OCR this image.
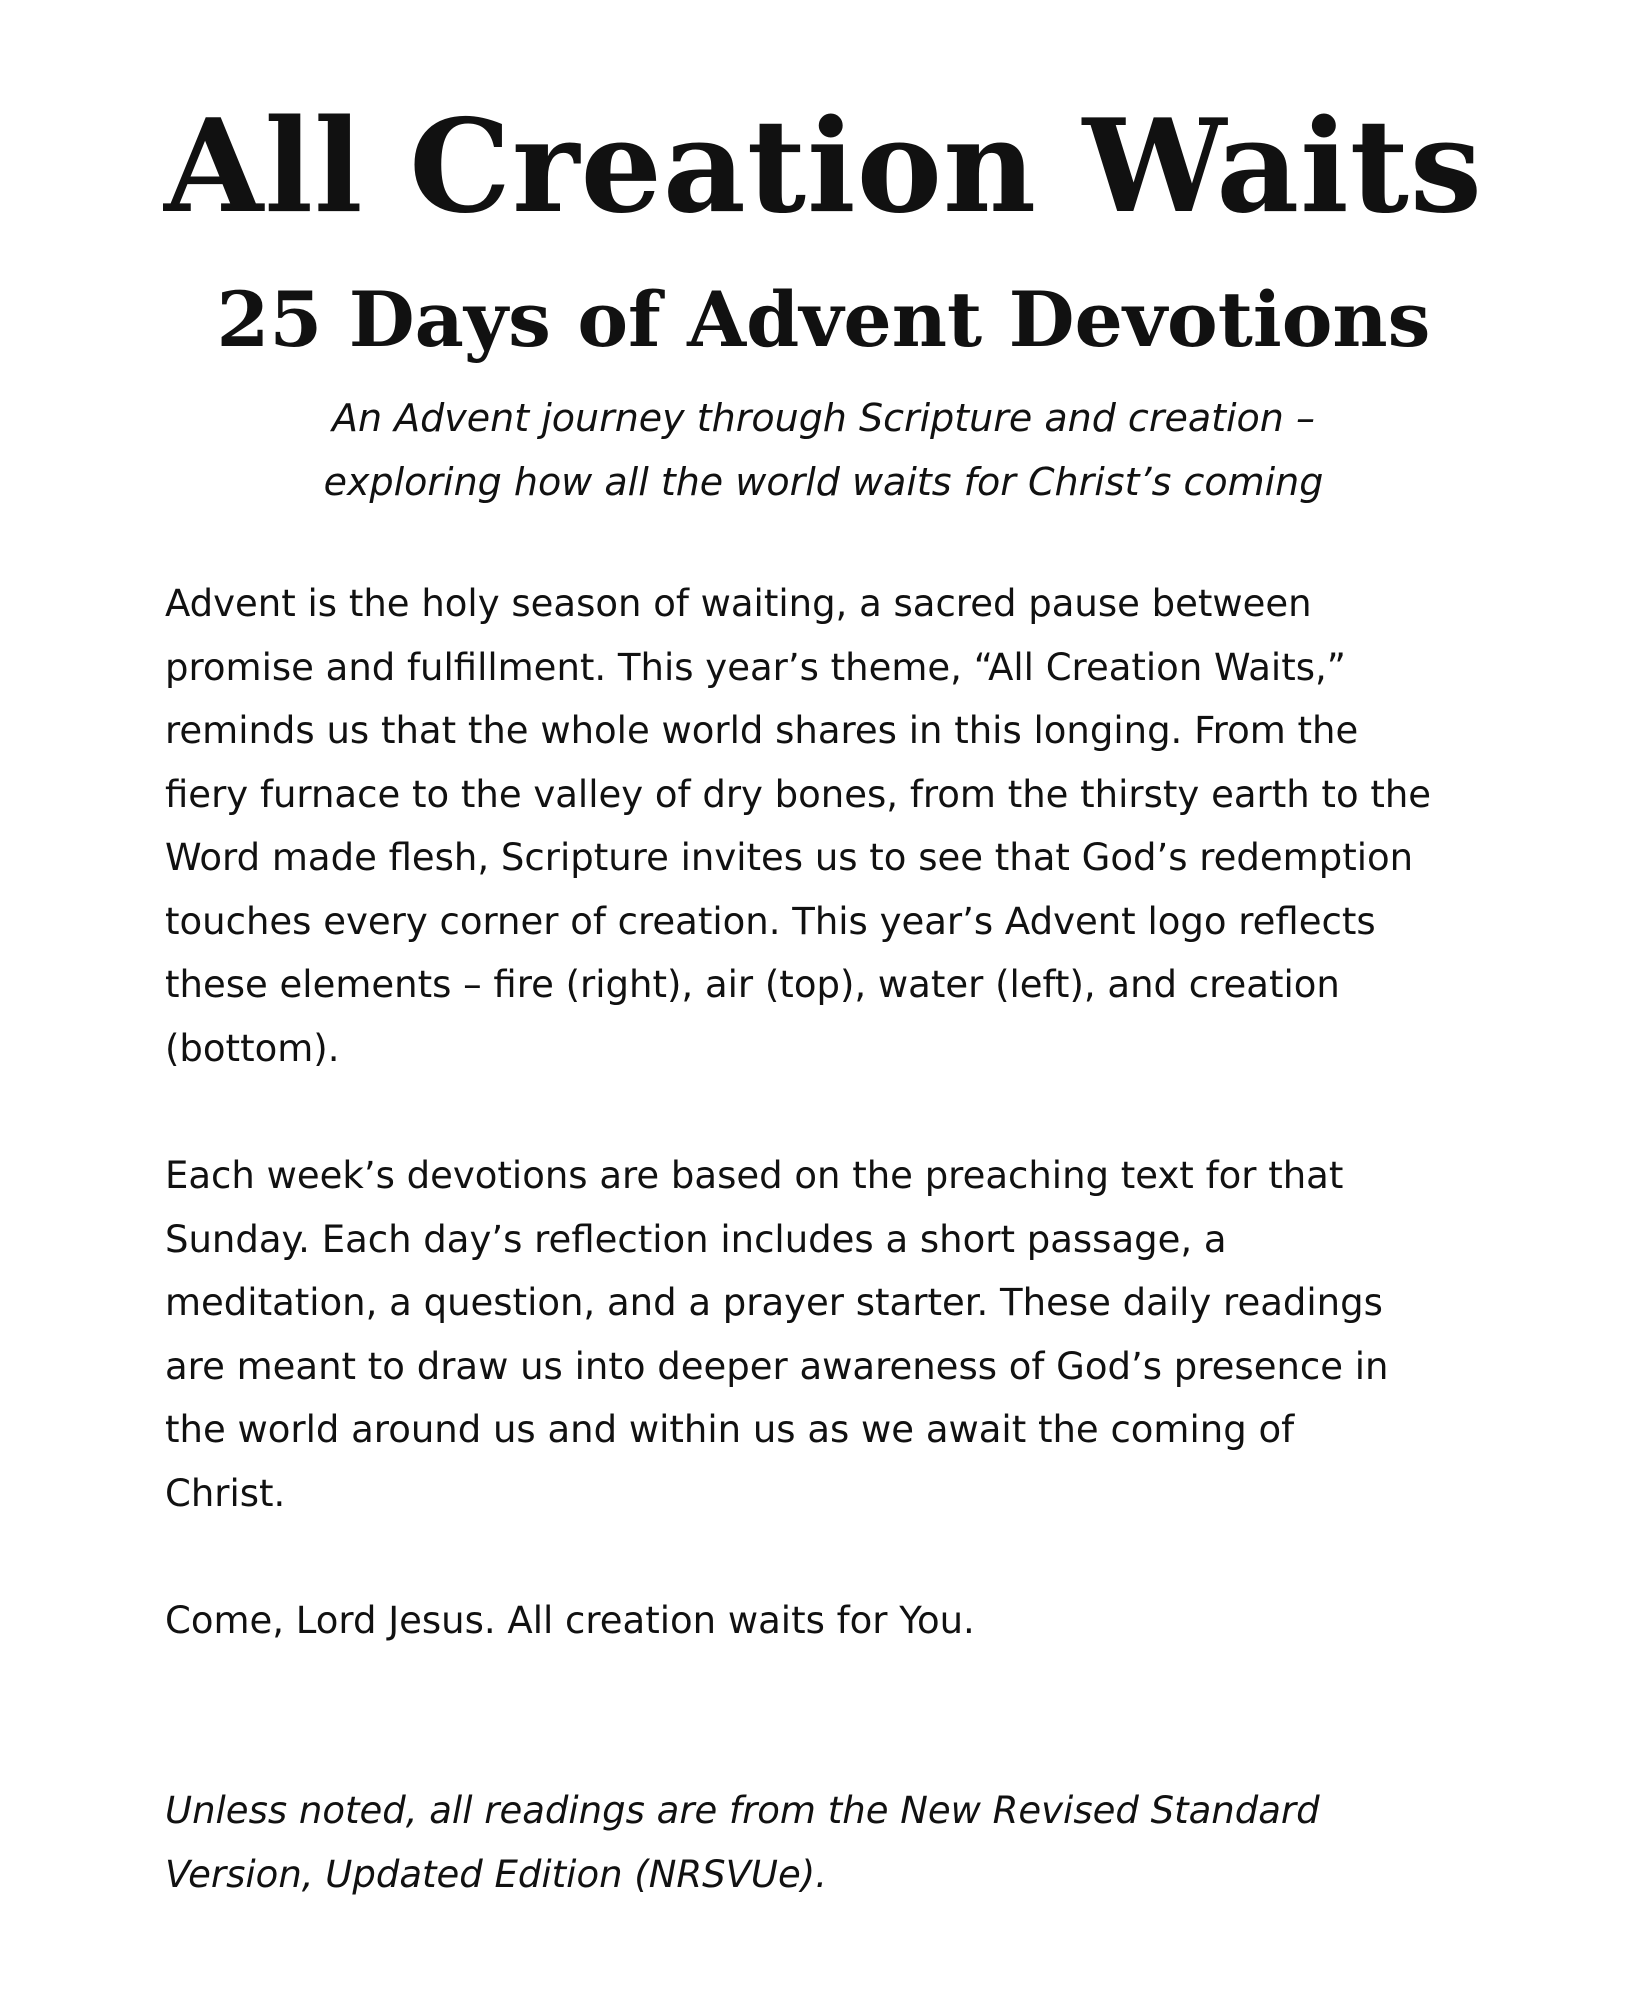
All Creation Waits
25 Days of Advent Devotions
An Advent journey through Scripture and creation –
exploring how all the world waits for Christ’s coming
Advent is the holy season of waiting, a sacred pause between
promise and fulfillment. This year’s theme, “All Creation Waits,”
reminds us that the whole world shares in this longing. From the
fiery furnace to the valley of dry bones, from the thirsty earth to the
Word made flesh, Scripture invites us to see that God’s redemption
touches every corner of creation. This year’s Advent logo reflects
these elements – fire (right), air (top), water (left), and creation
(bottom).
Each week’s devotions are based on the preaching text for that
Sunday. Each day’s reflection includes a short passage, a
meditation, a question, and a prayer starter. These daily readings
are meant to draw us into deeper awareness of God’s presence in
the world around us and within us as we await the coming of
Christ.
Come, Lord Jesus. All creation waits for You.
Unless noted, all readings are from the New Revised Standard
Version, Updated Edition (NRSVUe).
